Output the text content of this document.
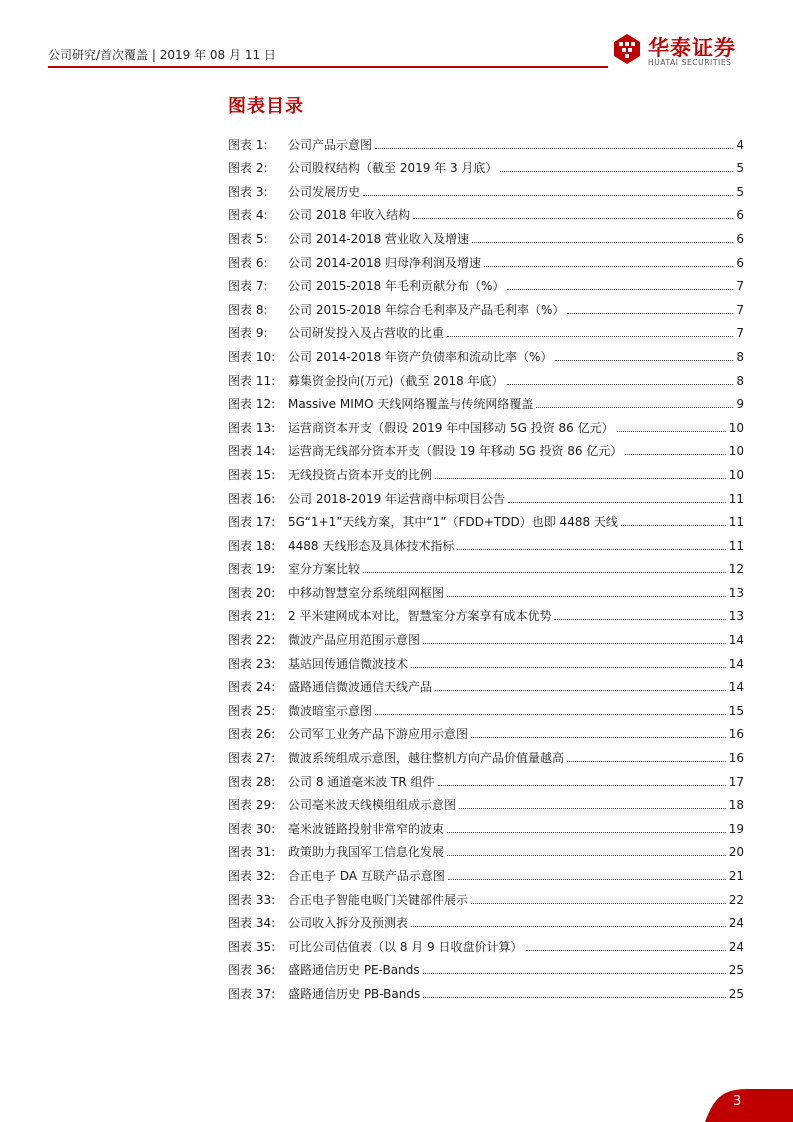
公司研究/首次覆盖 | 2019 年 08 月 11 日	华泰证券
HUATAI SECURITIES
图表目录
图表 1:	公司产品示意图	4
图表 2:	公司股权结构（截至 2019 年 3 月底）	5
图表 3:	公司发展历史	5
图表 4:	公司 2018 年收入结构	6
图表 5:	公司 2014-2018 营业收入及增速	6
图表 6:	公司 2014-2018 归母净利润及增速	6
图表 7:	公司 2015-2018 年毛利贡献分布（%）	7
图表 8:	公司 2015-2018 年综合毛利率及产品毛利率（%）	7
图表 9:	公司研发投入及占营收的比重	7
图表 10:	公司 2014-2018 年资产负债率和流动比率（%）	8
图表 11:	募集资金投向(万元)（截至 2018 年底）	8
图表 12:	Massive MIMO 天线网络覆盖与传统网络覆盖	9
图表 13:	运营商资本开支（假设 2019 年中国移动 5G 投资 86 亿元）	10
图表 14:	运营商无线部分资本开支（假设 19 年移动 5G 投资 86 亿元）	10
图表 15:	无线投资占资本开支的比例	10
图表 16:	公司 2018-2019 年运营商中标项目公告	11
图表 17:	5G“1+1”天线方案，其中“1”（FDD+TDD）也即 4488 天线	11
图表 18:	4488 天线形态及具体技术指标	11
图表 19:	室分方案比较	12
图表 20:	中移动智慧室分系统组网框图	13
图表 21:	2 平米建网成本对比，智慧室分方案享有成本优势	13
图表 22:	微波产品应用范围示意图	14
图表 23:	基站回传通信微波技术	14
图表 24:	盛路通信微波通信天线产品	14
图表 25:	微波暗室示意图	15
图表 26:	公司军工业务产品下游应用示意图	16
图表 27:	微波系统组成示意图，越往整机方向产品价值量越高	16
图表 28:	公司 8 通道毫米波 TR 组件	17
图表 29:	公司毫米波天线模组组成示意图	18
图表 30:	毫米波链路投射非常窄的波束	19
图表 31:	政策助力我国军工信息化发展	20
图表 32:	合正电子 DA 互联产品示意图	21
图表 33:	合正电子智能电吸门关键部件展示	22
图表 34:	公司收入拆分及预测表	24
图表 35:	可比公司估值表（以 8 月 9 日收盘价计算）	24
图表 36:	盛路通信历史 PE-Bands	25
图表 37:	盛路通信历史 PB-Bands	25
3
